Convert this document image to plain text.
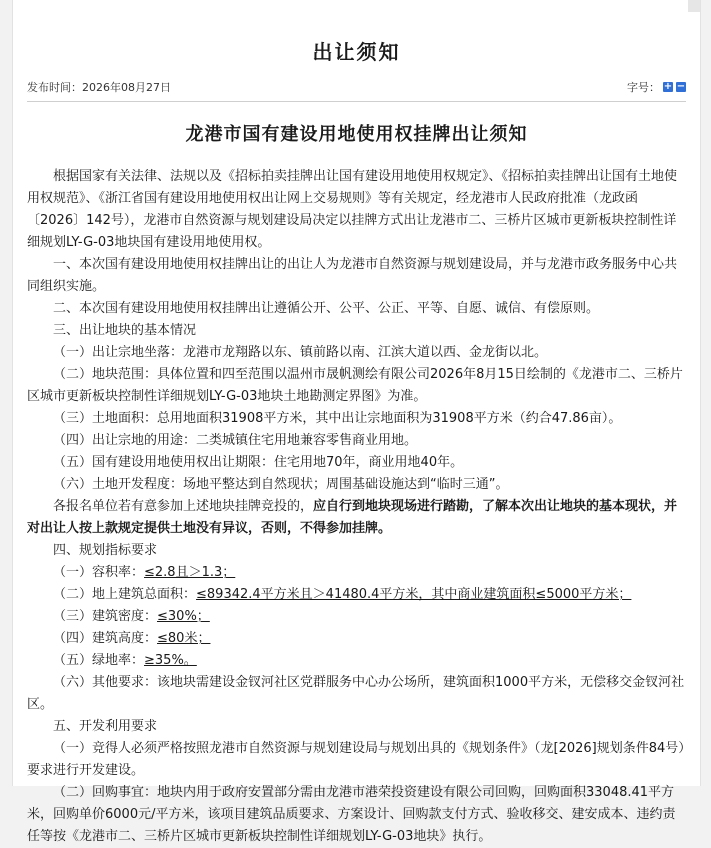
出让须知
发布时间：2026年08月27日	字号： + −
龙港市国有建设用地使用权挂牌出让须知

根据国家有关法律、法规以及《招标拍卖挂牌出让国有建设用地使用权规定》、《招标拍卖挂牌出让国有土地使用权规范》、《浙江省国有建设用地使用权出让网上交易规则》等有关规定，经龙港市人民政府批准（龙政函〔2026〕142号），龙港市自然资源与规划建设局决定以挂牌方式出让龙港市二、三桥片区城市更新板块控制性详细规划LY-G-03地块国有建设用地使用权。

一、本次国有建设用地使用权挂牌出让的出让人为龙港市自然资源与规划建设局，并与龙港市政务服务中心共同组织实施。

二、本次国有建设用地使用权挂牌出让遵循公开、公平、公正、平等、自愿、诚信、有偿原则。

三、出让地块的基本情况

（一）出让宗地坐落：龙港市龙翔路以东、镇前路以南、江滨大道以西、金龙街以北。

（二）地块范围：具体位置和四至范围以温州市晟帆测绘有限公司2026年8月15日绘制的《龙港市二、三桥片区城市更新板块控制性详细规划LY-G-03地块土地勘测定界图》为准。

（三）土地面积：总用地面积31908平方米，其中出让宗地面积为31908平方米（约合47.86亩）。

（四）出让宗地的用途：二类城镇住宅用地兼容零售商业用地。

（五）国有建设用地使用权出让期限：住宅用地70年，商业用地40年。

（六）土地开发程度：场地平整达到自然现状；周围基础设施达到“临时三通”。

各报名单位若有意参加上述地块挂牌竞投的，应自行到地块现场进行踏勘，了解本次出让地块的基本现状，并对出让人按上款规定提供土地没有异议，否则，不得参加挂牌。

四、规划指标要求

（一）容积率：≤2.8且＞1.3；

（二）地上建筑总面积：≤89342.4平方米且＞41480.4平方米，其中商业建筑面积≤5000平方米；

（三）建筑密度：≤30%；

（四）建筑高度：≤80米；

（五）绿地率：≥35%。

（六）其他要求：该地块需建设金钗河社区党群服务中心办公场所，建筑面积1000平方米，无偿移交金钗河社区。

五、开发利用要求

（一）竞得人必须严格按照龙港市自然资源与规划建设局与规划出具的《规划条件》（龙[2026]规划条件84号）要求进行开发建设。

（二）回购事宜：地块内用于政府安置部分需由龙港市港荣投资建设有限公司回购，回购面积33048.41平方米，回购单价6000元/平方米，该项目建筑品质要求、方案设计、回购款支付方式、验收移交、建安成本、违约责任等按《龙港市二、三桥片区城市更新板块控制性详细规划LY-G-03地块》执行。
